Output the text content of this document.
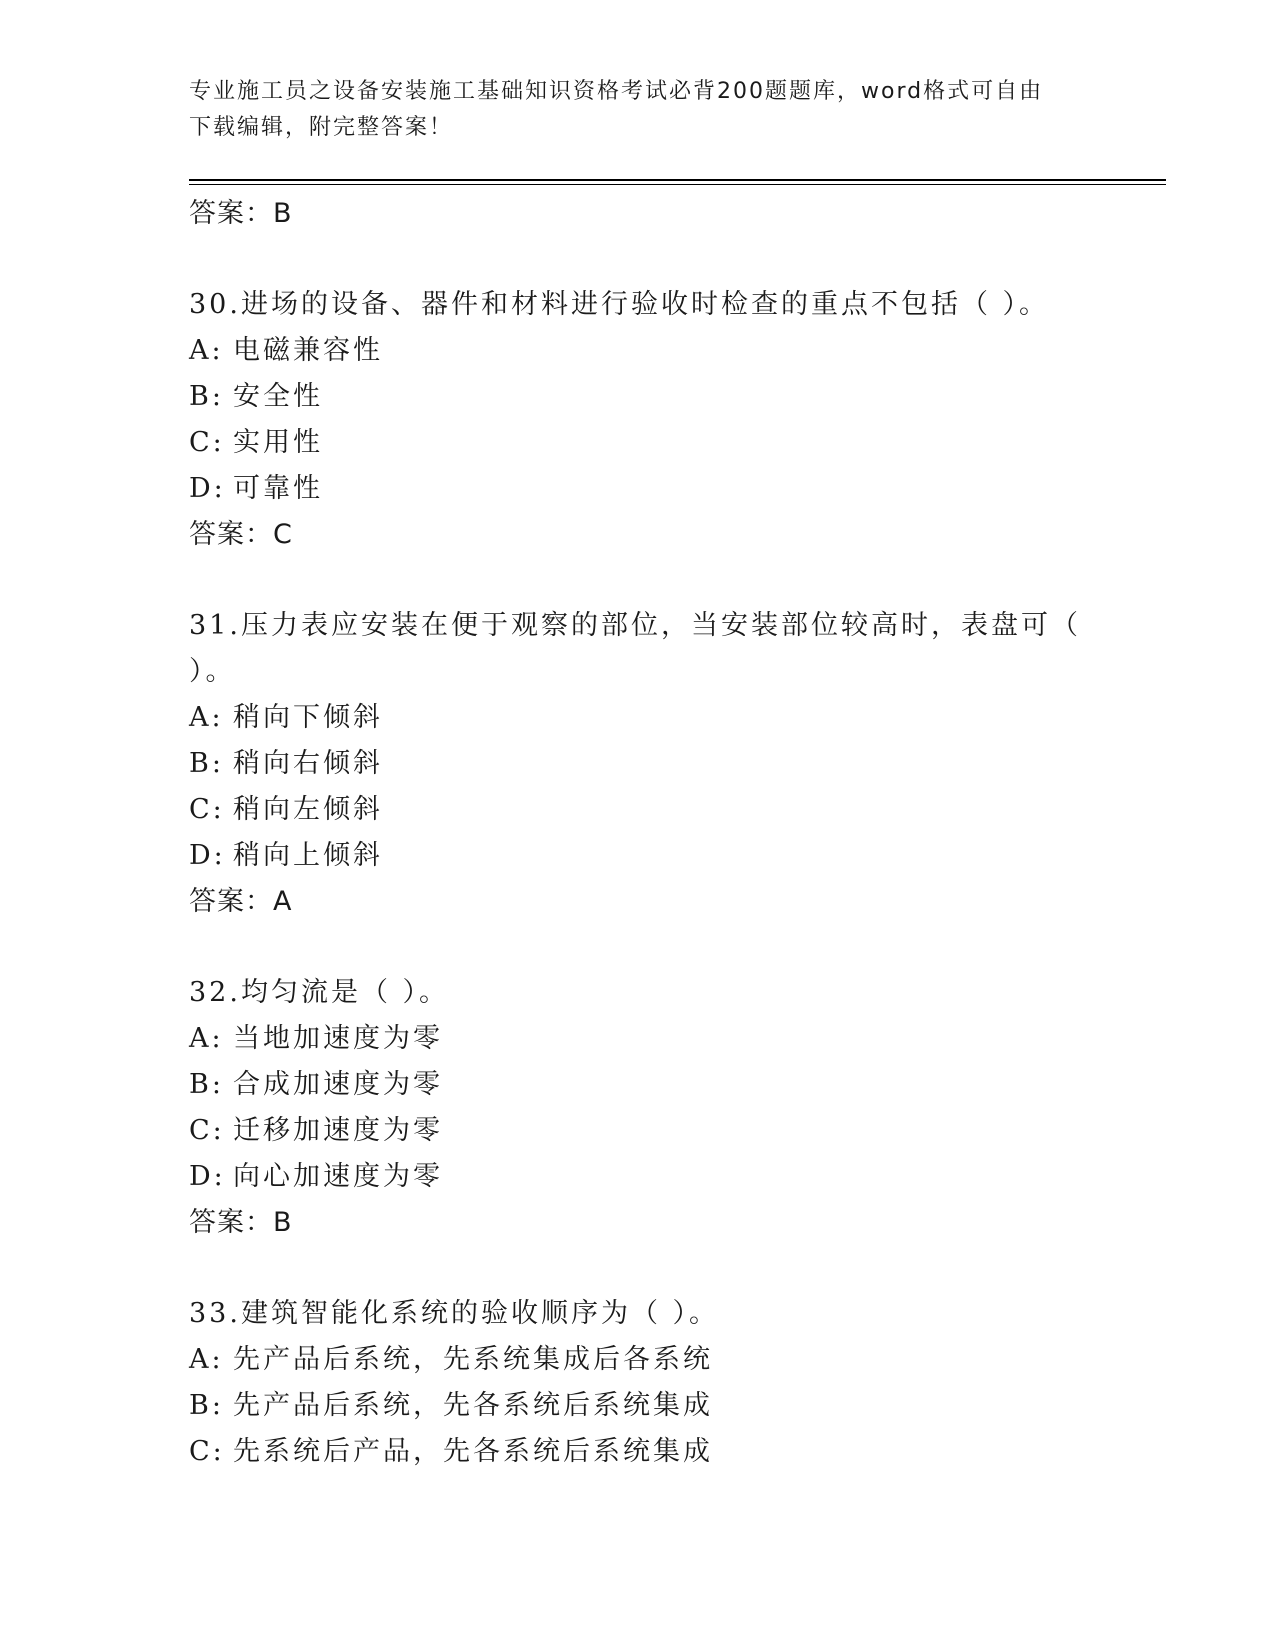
专业施工员之设备安装施工基础知识资格考试必背200题题库，word格式可自由
下载编辑，附完整答案！
答案：B
30.进场的设备、器件和材料进行验收时检查的重点不包括（ ）。
A: 电磁兼容性
B: 安全性
C: 实用性
D: 可靠性
答案：C
31.压力表应安装在便于观察的部位，当安装部位较高时，表盘可（
）。
A: 稍向下倾斜
B: 稍向右倾斜
C: 稍向左倾斜
D: 稍向上倾斜
答案：A
32.均匀流是（ ）。
A: 当地加速度为零
B: 合成加速度为零
C: 迁移加速度为零
D: 向心加速度为零
答案：B
33.建筑智能化系统的验收顺序为（ ）。
A: 先产品后系统，先系统集成后各系统
B: 先产品后系统，先各系统后系统集成
C: 先系统后产品，先各系统后系统集成
